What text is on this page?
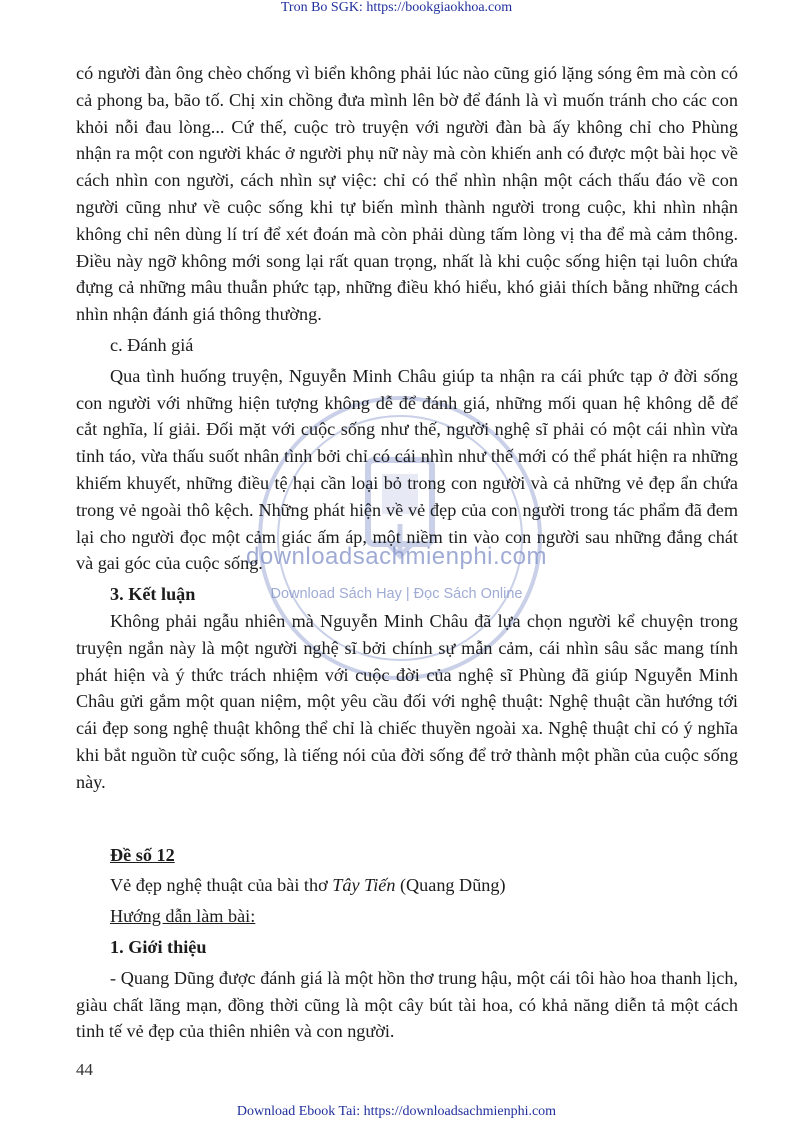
Tron Bo SGK: https://bookgiaokhoa.com
downloadsachmienphi.com
Download Sách Hay | Đọc Sách Online

có người đàn ông chèo chống vì biển không phải lúc nào cũng gió lặng sóng êm mà còn có cả phong ba, bão tố. Chị xin chồng đưa mình lên bờ để đánh là vì muốn tránh cho các con khỏi nỗi đau lòng... Cứ thế, cuộc trò truyện với người đàn bà ấy không chỉ cho Phùng nhận ra một con người khác ở người phụ nữ này mà còn khiến anh có được một bài học về cách nhìn con người, cách nhìn sự việc: chỉ có thể nhìn nhận một cách thấu đáo về con người cũng như về cuộc sống khi tự biến mình thành người trong cuộc, khi nhìn nhận không chỉ nên dùng lí trí để xét đoán mà còn phải dùng tấm lòng vị tha để mà cảm thông. Điều này ngỡ không mới song lại rất quan trọng, nhất là khi cuộc sống hiện tại luôn chứa đựng cả những mâu thuẫn phức tạp, những điều khó hiểu, khó giải thích bằng những cách nhìn nhận đánh giá thông thường.

c. Đánh giá

Qua tình huống truyện, Nguyễn Minh Châu giúp ta nhận ra cái phức tạp ở đời sống con người với những hiện tượng không dễ để đánh giá, những mối quan hệ không dễ để cắt nghĩa, lí giải. Đối mặt với cuộc sống như thế, người nghệ sĩ phải có một cái nhìn vừa tỉnh táo, vừa thấu suốt nhân tình bởi chỉ có cái nhìn như thế mới có thể phát hiện ra những khiếm khuyết, những điều tệ hại cần loại bỏ trong con người và cả những vẻ đẹp ẩn chứa trong vẻ ngoài thô kệch. Những phát hiện về vẻ đẹp của con người trong tác phẩm đã đem lại cho người đọc một cảm giác ấm áp, một niềm tin vào con người sau những đắng chát và gai góc của cuộc sống.

3. Kết luận

Không phải ngẫu nhiên mà Nguyễn Minh Châu đã lựa chọn người kể chuyện trong truyện ngắn này là một người nghệ sĩ bởi chính sự mẫn cảm, cái nhìn sâu sắc mang tính phát hiện và ý thức trách nhiệm với cuộc đời của nghệ sĩ Phùng đã giúp Nguyễn Minh Châu gửi gắm một quan niệm, một yêu cầu đối với nghệ thuật: Nghệ thuật cần hướng tới cái đẹp song nghệ thuật không thể chỉ là chiếc thuyền ngoài xa. Nghệ thuật chỉ có ý nghĩa khi bắt nguồn từ cuộc sống, là tiếng nói của đời sống để trở thành một phần của cuộc sống này.

Đề số 12

Vẻ đẹp nghệ thuật của bài thơ Tây Tiến (Quang Dũng)

Hướng dẫn làm bài:

1. Giới thiệu

- Quang Dũng được đánh giá là một hồn thơ trung hậu, một cái tôi hào hoa thanh lịch, giàu chất lãng mạn, đồng thời cũng là một cây bút tài hoa, có khả năng diễn tả một cách tinh tế vẻ đẹp của thiên nhiên và con người.

44
Download Ebook Tai: https://downloadsachmienphi.com
